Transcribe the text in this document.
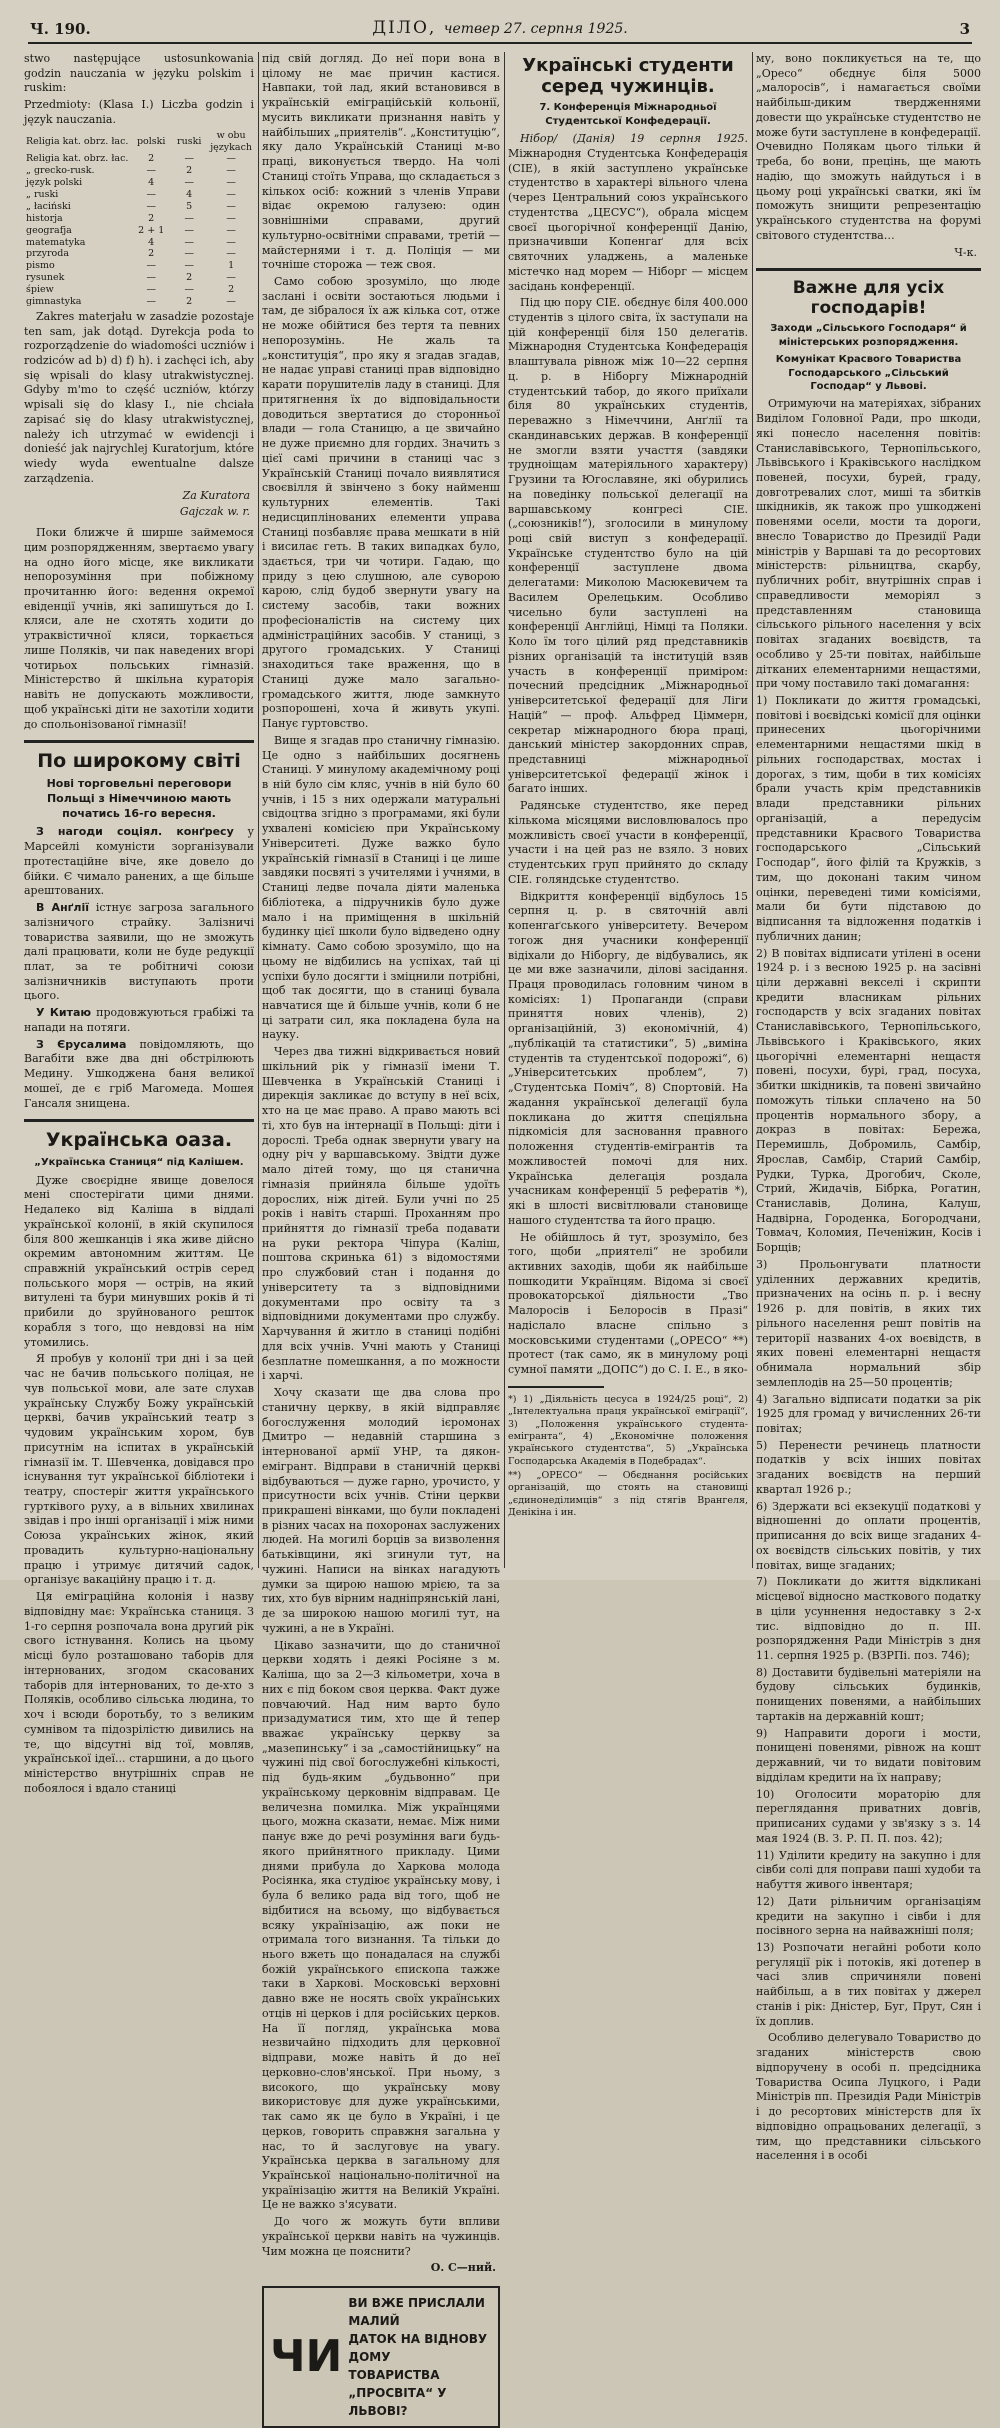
Ч. 190.	ДІЛО, четвер 27. серпня 1925.	3

stwo następujące ustosunkowania godzin nauczania w języku polskim i ruskim:

Przedmioty: (Klasa I.) Liczba godzin i język nauczania.

Religia kat. obrz. łac.	polski	ruski	w obu językach
Religia kat. obrz. łac.	2	—	—
„ grecko-rusk.	—	2	—
język polski	4	—	—
„ ruski	—	4	—
„ łaciński	—	5	—
historja	2	—	—
geografja	2 + 1	—	—
matematyka	4	—	—
przyroda	2	—	—
pismo	—	—	1
rysunek	—	2	—
śpiew	—	—	2
gimnastyka	—	2	—

Zakres materjału w zasadzie pozostaje ten sam, jak dotąd. Dyrekcja poda to rozporządzenie do wiadomości uczniów i rodziców ad b) d) f) h). i zachęci ich, aby się wpisali do klasy utrakwistycznej. Gdyby m'mo to część uczniów, którzy wpisali się do klasy I., nie chciała zapisać się do klasy utrakwistycznej, należy ich utrzymać w ewidencji i donieść jak najrychlej Kuratorjum, które wiedy wyda ewentualne dalsze zarządzenia.

Za Kuratora
Gajczak w. r.

Поки ближче й ширше займемося цим розпорядженням, звертаємо увагу на одно його місце, яке викликати непорозуміння при побіжному прочитанню його: ведення окремої евіденції учнів, які запишуться до І. кляси, але не схотять ходити до утраквістичної кляси, торкається лише Поляків, чи пак наведених вгорі чотирьох польських гімназій. Міністерство й шкільна кураторія навіть не допускають можливости, щоб українські діти не захотіли ходити до спольонізованої гімназії!

По широкому світі
Нові торговельні переговори Польщі з Німеччиною мають початись 16-го вересня.

З нагоди соціял. конґресу у Марсейлі комуністи зорганізували протестаційне віче, яке довело до бійки. Є чимало ранених, а ще більше арештованих.

В Анґлії істнує загроза загального залізничого страйку. Залізничі товариства заявили, що не зможуть далі працювати, коли не буде редукції плат, за те робітничі союзи залізничників виступають проти цього.

У Китаю продовжуються грабіжі та напади на потяги.

З Єрусалима повідомляють, що Вагабіти вже два дні обстрілюють Медину. Ушкоджена баня великої мошеї, де є гріб Магомеда. Мошея Гансаля знищена.

Українська оаза.
„Українська Станиця“ під Калішем.

Дуже своєрідне явище довелося мені спостерігати цими днями. Недалеко від Каліша в віддалі української колонії, в якій скупилося біля 800 жешканців і яка живе дійсно окремим автономним життям. Це справжній український острів серед польського моря — острів, на який витулені та бури минувших років й ті прибили до зруйнованого решток корабля з того, що невдовзі на нім утомились.

Я пробув у колонії три дні і за цей час не бачив польського поліцая, не чув польської мови, але зате слухав українську Службу Божу українській церкві, бачив український театр з чудовим українським хором, був присутнім на іспитах в українській гімназії ім. Т. Шевченка, довідався про існування тут української бібліотеки і театру, спостеріг життя українського гуртківого руху, а в вільних хвилинах звідав і про інші організації і між ними Союза українських жінок, який провадить культурно-національну працю і утримує дитячий садок, організує вакаційну працю і т. д.

Ця еміграційна колонія і назву відповідну має: Українська станиця. З 1-го серпня розпочала вона другий рік свого істнування. Колись на цьому місці було розташовано таборів для інтернованих, згодом скасованих таборів для інтернованих, то де-хто з Поляків, особливо сільська людина, то хоч і всюди боротьбу, то з великим сумнівом та підозрілістю дивились на те, що відсутні від тої, мовляв, української ідеї... старшини, а до цього міністерство внутрішніх справ не побоялося і вдало станиці

під свій догляд. До неї пори вона в цілому не має причин кастися. Навпаки, той лад, який встановився в українській еміграційській кольонії, мусить викликати признання навіть у найбільших „приятелів“. „Конституцію“, яку дало Українській Станиці м-во праці, виконується твердо. На чолі Станиці стоїть Управа, що складається з кількох осіб: кожний з членів Управи відає окремою галузею: один зовнішніми справами, другий культурно-освітніми справами, третій — майстернями і т. д. Поліція — ми точніше сторожа — теж своя.

Само собою зрозуміло, що люде заслані і освіти зостаються людьми і там, де зібралося їх аж кілька сот, отже не може обійтися без тертя та певних непорозумінь. Не жаль та „конституція“, про яку я згадав згадав, не надає управі станиці прав відповідно карати порушителів ладу в станиці. Для притягнення їх до відповідальности доводиться звертатися до сторонньої влади — гола Станицю, а це звичайно не дуже приємно для гордих. Значить з цієї самі причини в станиці час з Українській Станиці почало виявлятися своєвілля й звінчено з боку найменш культурних елементів. Такі недисциплінованих елементи управа Станиці позбавляє права мешкати в ній і висилає геть. В таких випадках було, здається, три чи чотири. Гадаю, що приду з цею слушною, але суворою карою, слід будоб звернути увагу на систему засобів, таки вожних професіоналістів на систему цих адміністраційних засобів. У станиці, з другого громадських. У Станиці знаходиться таке враження, що в Станиці дуже мало загально-громадського життя, люде замкнуто розпорошені, хоча й живуть укупі. Панує гуртовство.

Вище я згадав про станичну гімназію. Це одно з найбільших досягнень Станиці. У минулому академічному році в ній було сім кляс, учнів в ній було 60 учнів, і 15 з них одержали матуральні свідоцтва згідно з програмами, які були ухвалені комісією при Українському Університеті. Дуже важко було українській гімназії в Станиці і це лише завдяки посвяті з учителями і учнями, в Станиці ледве почала діяти маленька бібліотека, а підручників було дуже мало і на приміщення в шкільній будинку цієї школи було відведено одну кімнату. Само собою зрозуміло, що на цьому не відбились на успіхах, тай ці успіхи було досягти і зміцнили потрібні, щоб так досягти, що в станиці бувала навчатися ще й більше учнів, коли б не ці затрати сил, яка покладена була на науку.

Через два тижні відкривається новий шкільний рік у гімназії імени Т. Шевченка в Українській Станиці і дирекція закликає до вступу в неї всіх, хто на це має право. А право мають всі ті, хто був на інтернації в Польщі: діти і дорослі. Треба однак звернути увагу на одну річ у варшавському. Звідти дуже мало дітей тому, що ця станична гімназія прийняла більше удоїть дорослих, ніж дітей. Були учні по 25 років і навіть старші. Проханням про прийняття до гімназії треба подавати на руки ректора Чіпура (Каліш, поштова скринька 61) з відомостями про службовий стан і подання до університету та з відповідними документами про освіту та з відповідними документами про службу. Харчування й житло в станиці подібні для всіх учнів. Учні мають у Станиці безплатне помешкання, а по можности і харчі.

Хочу сказати ще два слова про станичну церкву, в якій відправляє богослуження молодий ієромонах Дмитро — недавній старшина з інтернованої армії УНР, та дякон-емігрант. Відправи в станичній церкві відбуваються — дуже гарно, урочисто, у присутности всіх учнів. Стіни церкви прикрашені вінками, що були покладені в різних часах на похоронах заслужених людей. На могилі борців за визволення батьківщини, які згинули тут, на чужині. Написи на вінках нагадують думки за щирою нашою мрією, та за тих, хто був вірним надніпрянській лані, де за широкою нашою могилі тут, на чужині, а не в Україні.

Цікаво зазначити, що до станичної церкви ходять і деякі Росіяне з м. Каліша, що за 2—3 кільометри, хоча в них є під боком своя церква. Факт дуже повчаючий. Над ним варто було призадуматися тим, хто ще й тепер вважає українську церкву за „мазепинську“ і за „самостійницьку“ на чужині під свої богослужебні кількості, під будь-яким „будьвонно“ при українському церковнім відправам. Це величезна помилка. Між українцями цього, можна сказати, немає. Між ними панує вже до речі розуміння ваги будь-якого прийнятного прикладу. Цими днями прибула до Харкова молода Росіянка, яка студіює українську мову, і була б велико рада від того, щоб не відбитися на всьому, що відбувається всяку українізацію, аж поки не отримала того визнання. Та тільки до нього вжеть що понадалася на службі божій українського єпископа тажже таки в Харкові. Московськi верховні давно вже не носять своїх українських отців ні церков і для російських церков. На її погляд, українська мова незвичайно підходить для церковної відправи, може навіть й до неї церковно-слов'янської. При ньому, з високого, що українську мову використовує для дуже українськими, так само як це було в Україні, і це церков, говорить справжня загальна у нас, то й заслуговує на увагу. Українська церква в загальному для Української національно-політичної на українізацію життя на Великій Україні. Це не важко з'ясувати.

До чого ж можуть бути впливи української церкви навіть на чужинців. Чим можна це пояснити?

О. С—ний.
ЧИ
ВИ ВЖЕ ПРИСЛАЛИ МАЛИЙ
ДАТОК НА ВІДНОВУ ДОМУ
ТОВАРИСТВА „ПРОСВІТА“ У ЛЬВОВІ?
Українські студенти серед чужинців.
7. Конференція Міжнародньої Студентської Конфедерації.

Нібор/ (Данія) 19 серпня 1925. Міжнародня Студентська Конфедерація (СІЕ), в якій заступлено українське студентство в характері вільного члена (через Центральний союз українського студентства „ЦЕСУС“), обрала місцем своєї цьогорічної конференції Данію, призначивши Копенгаґ для всіх святочних уладжень, а маленьке містечко над морем — Ніборг — місцем засідань конференції.

Під цю пору СІЕ. обєднує біля 400.000 студентів з цілого світа, їх заступали на цій конференції біля 150 делегатів. Міжнародня Студентська Конфедерація влаштувала рівнож між 10—22 серпня ц. р. в Ніборгу Міжнародній студентський табор, до якого приїхали біля 80 українських студентів, переважно з Німеччини, Анґлії та скандинавських держав. В конференції не змогли взяти учасття (завдяки трудноіщам матеріяльного характеру) Грузини та Югославяне, які обурились на поведінку польської делегації на варшавському конгресі СІЕ. („союзників!“), зголосили в минулому році свій виступ з конфедерації. Українське студентство було на цій конференції заступлене двома делегатами: Миколою Масюкевичем та Василем Орелецьким. Особливо чисельно були заступлені на конференції Англійці, Німці та Поляки. Коло їм того цілий ряд представників різних організацій та інституцій взяв участь в конференції приміром: почесний предсідник „Міжнародньої університетської федерації для Ліги Націй“ — проф. Альфред Ціммерн, секретар міжнародного бюра праці, данський міністер закордонних справ, представниці міжнародньої університетської федерації жінок і багато інших.

Радянське студентство, яке перед кількома місяцями висловлювалось про можливість своєї участи в конференції, участи і на цей раз не взяло. З нових студентських груп прийнято до складу СІЕ. голяндське студентство.

Відкриття конференції відбулось 15 серпня ц. р. в святочній авлі копенгаґського університету. Вечером тогож дня учасники конференції відіхали до Ніборгу, де відбувались, як це ми вже зазначили, ділові засідання. Праця проводилась головним чином в комісіях: 1) Пропаганди (справи приняття нових членів), 2) організаційній, 3) економічній, 4) „публікацій та статистики“, 5) „виміна студентів та студентської подорожі“, 6) „Університетських проблем“, 7) „Студентська Поміч“, 8) Спортовій. На жадання української делегації була покликана до життя спеціяльна підкомісія для засновання правного положення студентів-емігрантів та можливостей помочі для них. Українська делегація роздала учасникам конференції 5 рефератів *), які в шлості висвітлювали становище нашого студентства та його працю.

Не обійшлось й тут, зрозуміло, без того, щоби „приятелі“ не зробили активних заходів, щоби як найбільше пошкодити Українцям. Відома зі своєї провокаторської діяльности „Тво Малоросів і Белоросів в Празі“ надіслало власне спільно з московськими студентами („ОРЕСО“ **) протест (так само, як в минулому році сумної памяти „ДОПС“) до С. І. Е., в яко-

*) 1) „Діяльність цесуса в 1924/25 році“, 2) „Інтелектуальна праця української еміграції“, 3) „Положення українського студента-емігранта“, 4) „Економічне положення українського студентства“, 5) „Українська Господарська Академія в Подебрадах“.

**) „ОРЕСО“ — Обєднання російських організацій, що стоять на становищі „єдинонеділимців“ з під стягів Врангеля, Денікіна і ин.

му, воно покликується на те, що „Оресо“ обєднує біля 5000 „малоросів“, і намагається своїми найбільш-диким твердженнями довести що українське студентство не може бути заступлене в конфедерації. Очевидно Полякам цього тільки й треба, бо вони, прецінь, ще мають надію, що зможуть найдуться і в цьому році українські сватки, які їм поможуть знищити репрезентацію українського студентства на форумі світового студентства…

Ч-к.
Важне для усіх господарів!
Заходи „Сільського Господаря“ й міністерських розпорядження.
Комунікат Красвого Товариства Господарського „Сільський Господар“ у Львові.

Отримуючи на матеріяхах, зібраних Виділом Головної Ради, про шкоди, які понесло населення повітів: Станиславівського, Тернопільського, Львівського і Краківського наслідком повеней, посухи, бурей, граду, довготревалих слот, миші та збитків шкідників, як також про ушкоджені повенями осели, мости та дороги, внесло Товариство до Президії Ради міністрів у Варшаві та до ресортових міністерств: рільництва, скарбу, публичних робіт, внутрішніх справ і справедливости меморіял з представленням становища сільського рільного населення у всіх повітах згаданих воєвідств, та особливо у 25-ти повітах, найбільше дітканих елементарними нещастями, при чому поставило такі домагання:

1) Покликати до життя громадські, повітові і воєвідські комісії для оцінки принесених цьогорічними елементарними нещастями шкід в рільних господарствах, мостах і дорогах, з тим, щоби в тих комісіях брали участь крім представників влади представники рільних організацій, а передусім представники Красвого Товариства господарського „Сільський Господар“, його філій та Кружків, з тим, що доконані таким чином оцінки, переведені тими комісіями, мали би бути підставою до відписання та відложення податків і публичних данин;

2) В повітах відписати утілені в осени 1924 р. і з весною 1925 р. на засівні ціли державні векселі і скрипти кредити власникам рільних господарств у всіх згаданих повітах Станиславівського, Тернопільського, Львівського і Краківського, яких цьогорічні елементарні нещастя повені, посухи, бурі, град, посуха, збитки шкідників, та повені звичайно поможуть тільки сплачено на 50 процентів нормального збору, а докраз в повітах: Бережа, Перемишль, Добромиль, Самбір, Ярослав, Самбір, Старий Самбір, Рудки, Турка, Дрогобич, Сколе, Стрий, Жидачів, Бібрка, Рогатин, Станиславів, Долина, Калуш, Надвірна, Городенка, Богородчани, Товмач, Коломия, Печеніжин, Косів і Борщів;

3) Прольонгувати платности уділенних державних кредитів, призначених на осінь п. р. і весну 1926 р. для повітів, в яких тих рільного населення решт повітів на території названих 4-ох воєвідств, в яких повені елементарні нещастя обнимала нормальний збір землеплодів на 25—50 процентів;

4) Загально відписати податки за рік 1925 для громад у вичисленних 26-ти повітах;

5) Перенести речинець платности податків у всіх інших повітах згаданих воєвідств на перший квартал 1926 р.;

6) Здержати всі екзекуції податкові у відношенні до оплати процентів, приписання до всіх вище згаданих 4-ох воєвідств сільських повітів, у тих повітах, вище згаданих;

7) Покликати до життя відкликані місцевої відносно масткового податку в ціли усуннення недоставку з 2-х тис. відповідно до п. III. розпорядження Ради Міністрів з дня 11. серпня 1925 р. (ВЗРПі. поз. 746);

8) Доставити будівельні матеріяли на будову сільських будинків, понищених повенями, а найбільших тартаків на державній кошт;

9) Направити дороги і мости, понищені повенями, рівнож на кошт державний, чи то видати повітовим відділам кредити на їх направу;

10) Оголосити мораторію для переглядання приватних довгів, приписаних судами у зв'язку з з. 14 мая 1924 (В. З. Р. П. П. поз. 42);

11) Уділити кредиту на закупно і для сівби солі для поправи паші худоби та набуття живого інвентаря;

12) Дати рільничим організаціям кредити на закупно і сівби і для посівного зерна на найважніші поля;

13) Розпочати негайні роботи коло регуляції рік і потоків, які дотепер в часі злив спричиняли повені найбільш, а в тих повітах у джерел станів і рік: Дністер, Буг, Прут, Сян і їх доплив.

Особливо делегувало Товариство до згаданих міністерств свою відпоручену в особі п. предсідника Товариства Осипа Луцкого, і Ради Міністрів пп. Президія Ради Міністрів і до ресортових міністерств для їх відповідно опрацьованих делегації, з тим, що представники сільського населення і в особі
